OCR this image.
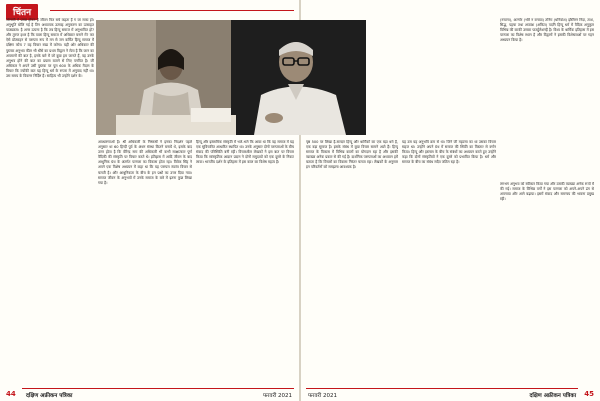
चिंतन

जोगायी में प्रसन्न होकर है जीवन फिर सचे कहता हैं ग जा सका हो। अनुभूति बोलि गई है तिन अध्यापक उत्साह अनुकरण का उत्साहत पाठ्यक्रम। है अगर उठाना है कि तब हिन्दू समाज में अनुभावित हो? और तुरन्त हथर है कि वाला हिन्दू समाज में अधिकार बनाने में? कर ऐसे प्रोत्साहन से परम्परा रूप में मन से जन कर्मित हिन्दू समाज में दक्षिण कोच 7 वह विचार स्वप्न में करेगा। यही ओर अधिकार की पुस्तक अनुभव फील भी धौंसे का प्रथम विद्वान ने रोता है कि जान का अपमानों की बात है, इनके बारे में जो कुछ हम जानते हैं, वह उनके अनुभव होने की बात का प्रयास बताने से लिए पनपित है। जी अधिकार ने अपने उसी पुस्तक पर पूरा 600 के अधिक मैदान के विचार कि ज्योंकी बात यह हिन्दू धर्म के रूपरा में अनुवाद नहीं था। उस समय के विवरण निर्दिष्ट हैं। साहित्य भी उन्होंने दर्शन के।

अवधारणाओं है। श्री अधिकारी के निष्कर्षों ने इनका निदर्शन पहले अनुसार था 60 हिन्दी पूर्व के अंधन संस्था कितने बनायें थे, इसके बाद उत्तर होता है कि वीरेन्द्र नाम की अधिकारी भी कभी साक्षात्कार पूर्ण वैदिकी की संस्कृति पर विचार करते थे। इतिहास में आदि जीवन के बाद आधुनिक ग्रंथ के अंतर्गत परम्परा का विकास होता रहा। विवेक सिंह ने अपने एक विशेष अध्ययन में कहा था कि यह परम्परा स्वतंत्र विचार से चलती है। और आधुनिकता के बीच के इन प्रश्नों का उत्तर दिया गया। समाज जीवन के अनुभवों में उनके समाज के बारे में इतना कुछ लिखा गया है।

हिन्दू और इस्लामिक संस्कृति में भले-भले कि आया था कि वह समाज में यह एक सुविचारित आधारित स्थापित था। उनके अनुसार दोनों परम्पराओं के बीच संवाद की परिस्थिति बनी रही। विचारशील लेखकों ने इस बात पर विचार किया कि सांस्कृतिक आदान प्रदान ने दोनों समुदायों को एक दूसरे के निकट लाया। भारतीय दर्शन के इतिहास में इस काल का विशेष महत्व है।

44 दक्षिण अफ्रीकन पत्रिका	फरवरी 2021

पृष्ठ 500 पर लिखा है-सरदार हिन्दू और धार्मिकों का एक बड़ा धर्म है, एक बड़ा सुमाज है। इसके संबंध में कुछ विचार सामने आते हैं। हिन्दू समाज के विकास में विभिन्न कालों का योगदान रहा है और इसकी व्याख्या अनेक प्रकार से की गई है। दार्शनिक परम्पराओं का अध्ययन हमें बताता है कि विचारों का विकास निरंतर चलता रहा। लेखकों के अनुसार इन परिवर्तनों को समझना आवश्यक है।

यह उस यह अनुभवि क्रम से था। जिने जी महात्मा का था उसका विचार सहज था। उन्होंने अपने ग्रंथ में समाज की स्थिति का विस्तार से वर्णन किया। हिन्दू और इस्लाम के बीच के संबंधों का अध्ययन करते हुए उन्होंने कहा कि दोनों संस्कृतियों ने एक दूसरे को प्रभावित किया है। धर्म और समाज के बीच का संबंध सदैव जटिल रहा है।

(रुचाना), अल्गोर (भोरे न बनाया) तनिम (धनिवांश) इस्लिम्न निदा, ताश, सिद्ध, पहचा तथा अपवंश (अकित) पदनि हिन्दू धर्म में वैदिक अनुकूल विभिन्न की काकी उसका पार्ट्युलेशनहैं है। विश्व के धार्मिक इतिहास में इस परम्परा का विशेष स्थान है और विद्वानों ने इसकी विशेषताओं पर गहन अध्ययन किया है।

लगभग अनुभव को स्वीकार किया गया और उसकी व्याख्या अनेक रूपों में की गई। समाज के विभिन्न वर्गों ने इस परम्परा को अपने-अपने ढंग से अपनाया और आगे बढ़ाया। इसमें संवाद और समन्वय की भावना प्रमुख रही।

फरवरी 2021	दक्षिण अफ्रीकन पत्रिका 45
